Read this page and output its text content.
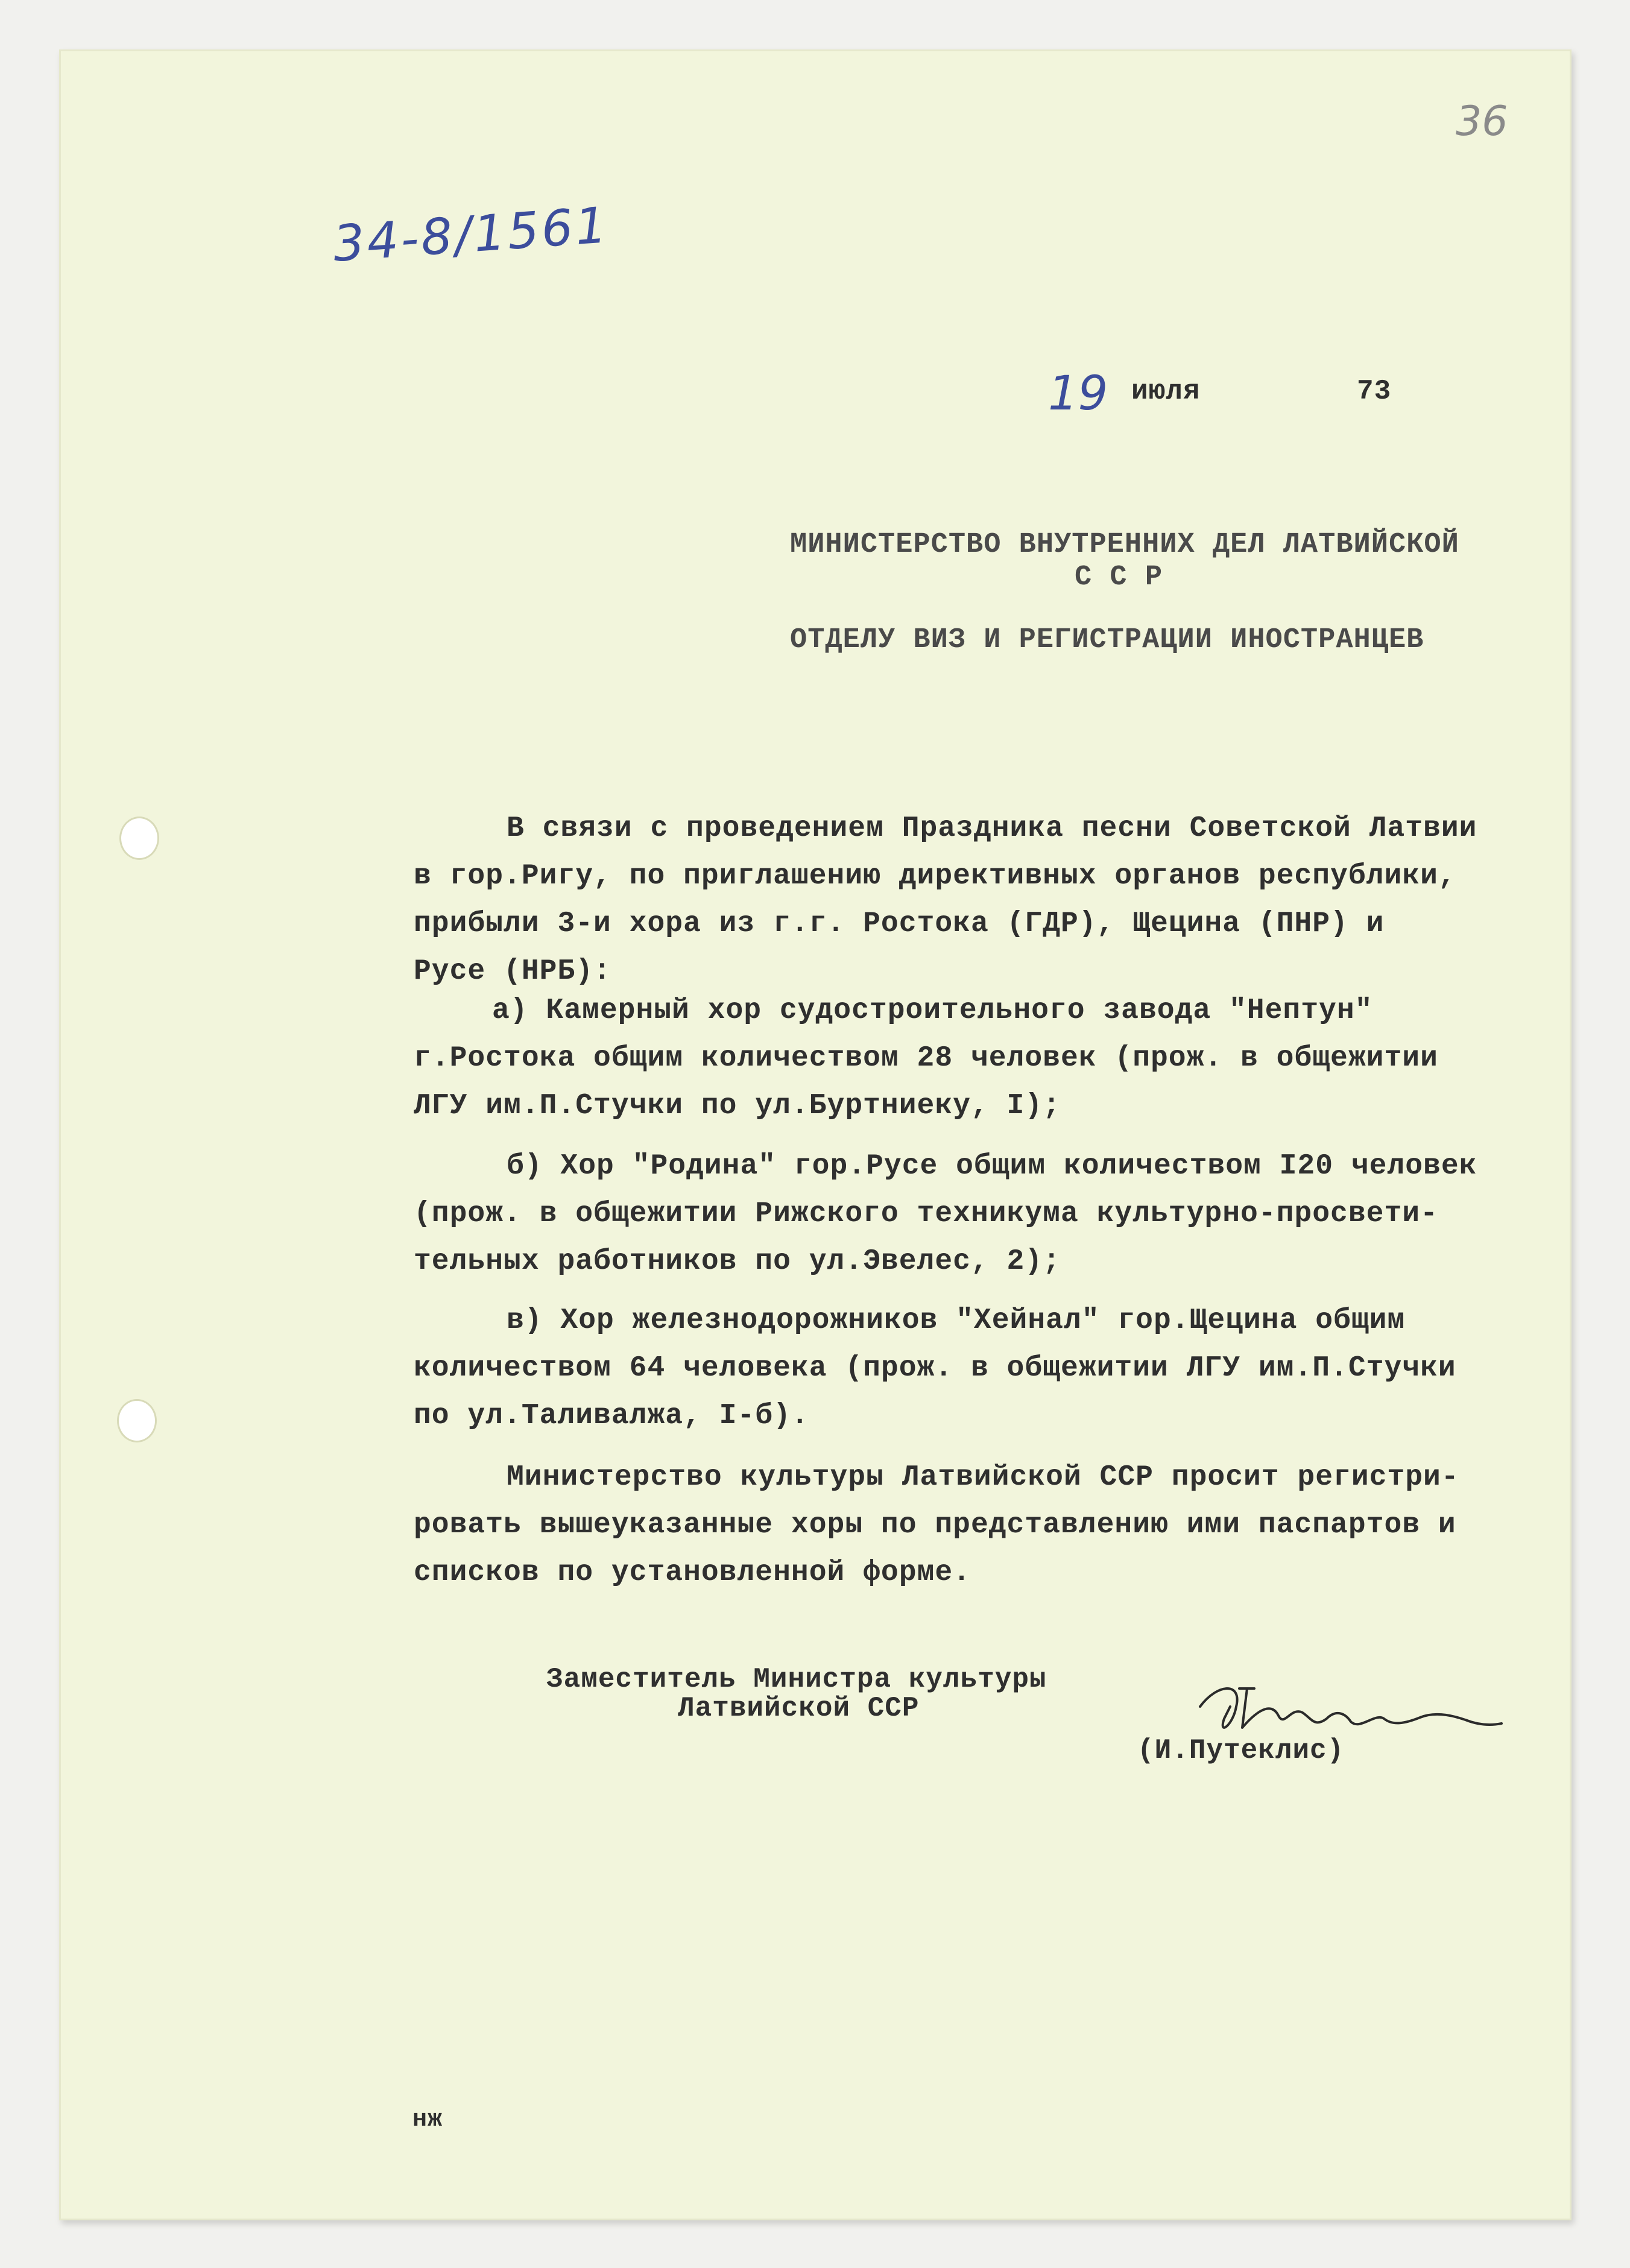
36
34-8/1561
19 июля	73
МИНИСТЕРСТВО ВНУТРЕННИХ ДЕЛ ЛАТВИЙСКОЙ
С С Р
ОТДЕЛУ ВИЗ И РЕГИСТРАЦИИ ИНОСТРАНЦЕВ
В связи с проведением Праздника песни Советской Латвии
в гор.Ригу, по приглашению директивных органов республики,
прибыли 3-и хора из г.г. Ростока (ГДР), Щецина (ПНР) и
Русе (НРБ):
а) Камерный хор судостроительного завода "Нептун"
г.Ростока общим количеством 28 человек (прож. в общежитии
ЛГУ им.П.Стучки по ул.Буртниеку, I);
б) Хор "Родина" гор.Русе общим количеством I20 человек
(прож. в общежитии Рижского техникума культурно-просвети-
тельных работников по ул.Эвелес, 2);
в) Хор железнодорожников "Хейнал" гор.Щецина общим
количеством 64 человека (прож. в общежитии ЛГУ им.П.Стучки
по ул.Таливалжа, I-б).
Министерство культуры Латвийской ССР просит регистри-
ровать вышеуказанные хоры по представлению ими паспартов и
списков по установленной форме.
Заместитель Министра культуры
Латвийской ССР
(И.Путеклис)
нж
